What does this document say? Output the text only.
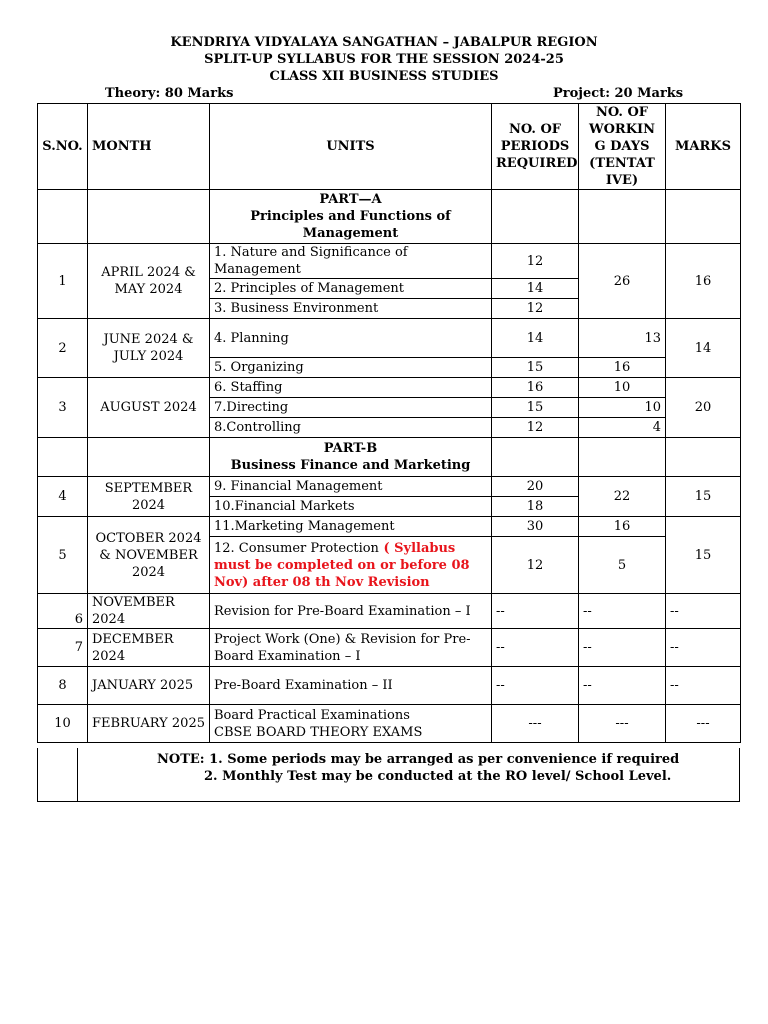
KENDRIYA VIDYALAYA SANGATHAN – JABALPUR REGION
SPLIT-UP SYLLABUS FOR THE SESSION 2024-25
CLASS XII BUSINESS STUDIES
Theory: 80 Marks	Project: 20 Marks
S.NO.	MONTH	UNITS	NO. OF PERIODS REQUIRED	NO. OF WORKIN G DAYS (TENTAT IVE)	MARKS

		PART—A
Principles and Functions of Management			

1	APRIL 2024 & MAY 2024	1. Nature and Significance of Management	12	26	16
		2. Principles of Management	14		
		3. Business Environment	12		
2	JUNE 2024 & JULY 2024	4. Planning	14	13	14
		5. Organizing	15	16	
3	AUGUST 2024	6. Staffing	16	10	20
		7.Directing	15	10	
		8.Controlling	12	4	

		PART-B
Business Finance and Marketing			

4	SEPTEMBER 2024	9. Financial Management	20	22	15
		10.Financial Markets	18		
5	OCTOBER 2024 & NOVEMBER 2024	11.Marketing Management	30	16	15
		12. Consumer Protection ( Syllabus must be completed on or before 08 Nov) after 08 th Nov Revision	12	5	
6	NOVEMBER 2024	Revision for Pre-Board Examination – I	--	--	--
7	DECEMBER 2024	Project Work (One) & Revision for Pre-Board Examination – I	--	--	--
8	JANUARY 2025	Pre-Board Examination – II	--	--	--
10	FEBRUARY 2025	Board Practical Examinations
CBSE BOARD THEORY EXAMS	---	---	---
NOTE: 1. Some periods may be arranged as per convenience if required
2. Monthly Test may be conducted at the RO level/ School Level.
